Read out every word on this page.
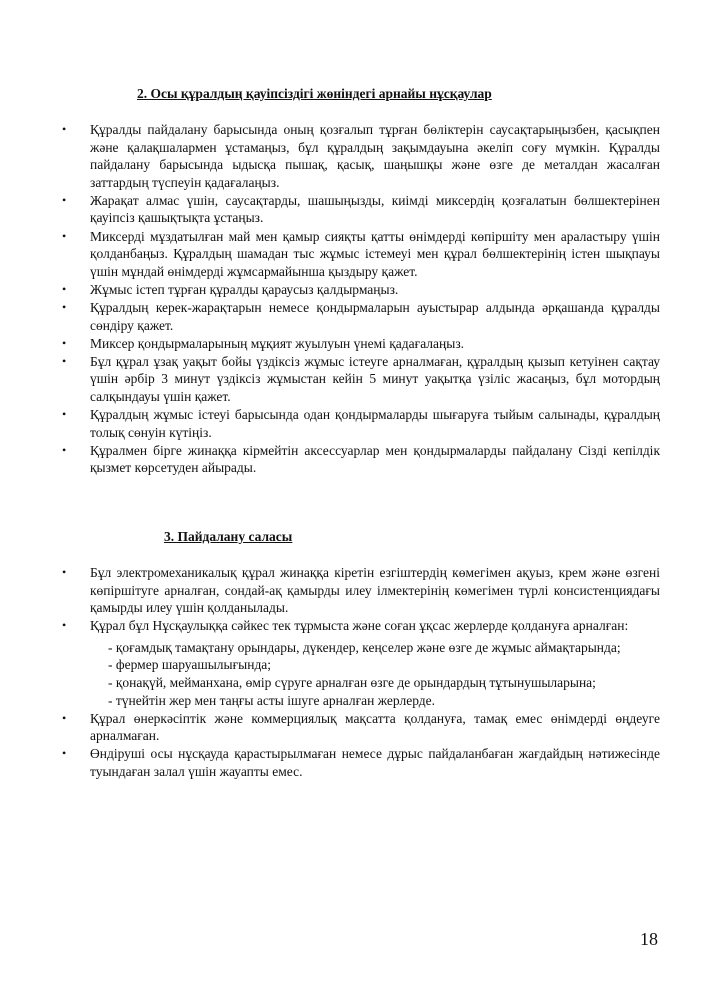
2. Осы құралдың қауіпсіздігі жөніндегі арнайы нұсқаулар
• Құралды пайдалану барысында оның қозғалып тұрған бөліктерін саусақтарыңызбен, қасықпен және қалақшалармен ұстамаңыз, бұл құралдың зақымдауына әкеліп соғу мүмкін. Құралды пайдалану барысында ыдысқа пышақ, қасық, шаңышқы және өзге де металдан жасалған заттардың түспеуін қадағалаңыз.
• Жарақат алмас үшін, саусақтарды, шашыңызды, киімді миксердің қозғалатын бөлшектерінен қауіпсіз қашықтықта ұстаңыз.
• Миксерді мұздатылған май мен қамыр сияқты қатты өнімдерді көпіршіту мен араластыру үшін қолданбаңыз. Құралдың шамадан тыс жұмыс істемеуі мен құрал бөлшектерінің істен шықпауы үшін мұндай өнімдерді жұмсармайынша қыздыру қажет.
• Жұмыс істеп тұрған құралды қараусыз қалдырмаңыз.
• Құралдың керек-жарақтарын немесе қондырмаларын ауыстырар алдында әрқашанда құралды сөндіру қажет.
• Миксер қондырмаларының мұқият жуылуын үнемі қадағалаңыз.
• Бұл құрал ұзақ уақыт бойы үздіксіз жұмыс істеуге арналмаған, құралдың қызып кетуінен сақтау үшін әрбір 3 минут үздіксіз жұмыстан кейін 5 минут уақытқа үзіліс жасаңыз, бұл мотордың салқындауы үшін қажет.
• Құралдың жұмыс істеуі барысында одан қондырмаларды шығаруға тыйым салынады, құралдың толық сөнуін күтіңіз.
• Құралмен бірге жинаққа кірмейтін аксессуарлар мен қондырмаларды пайдалану Сізді кепілдік қызмет көрсетуден айырады.
3. Пайдалану саласы
• Бұл электромеханикалық құрал жинаққа кіретін езгіштердің көмегімен ақуыз, крем және өзгені көпіршітуге арналған, сондай-ақ қамырды илеу ілмектерінің көмегімен түрлі консистенциядағы қамырды илеу үшін қолданылады.
• Құрал бұл Нұсқаулыққа сәйкес тек тұрмыста және соған ұқсас жерлерде қолдануға арналған:
- қоғамдық тамақтану орындары, дүкендер, кеңселер және өзге де жұмыс аймақтарында;
- фермер шаруашылығында;
- қонақүй, мейманхана, өмір сүруге арналған өзге де орындардың тұтынушыларына;
- түнейтін жер мен таңғы асты ішуге арналған жерлерде.
• Құрал өнеркәсіптік және коммерциялық мақсатта қолдануға, тамақ емес өнімдерді өңдеуге арналмаған.
• Өндіруші осы нұсқауда қарастырылмаған немесе дұрыс пайдаланбаған жағдайдың нәтижесінде туындаған залал үшін жауапты емес.
18
